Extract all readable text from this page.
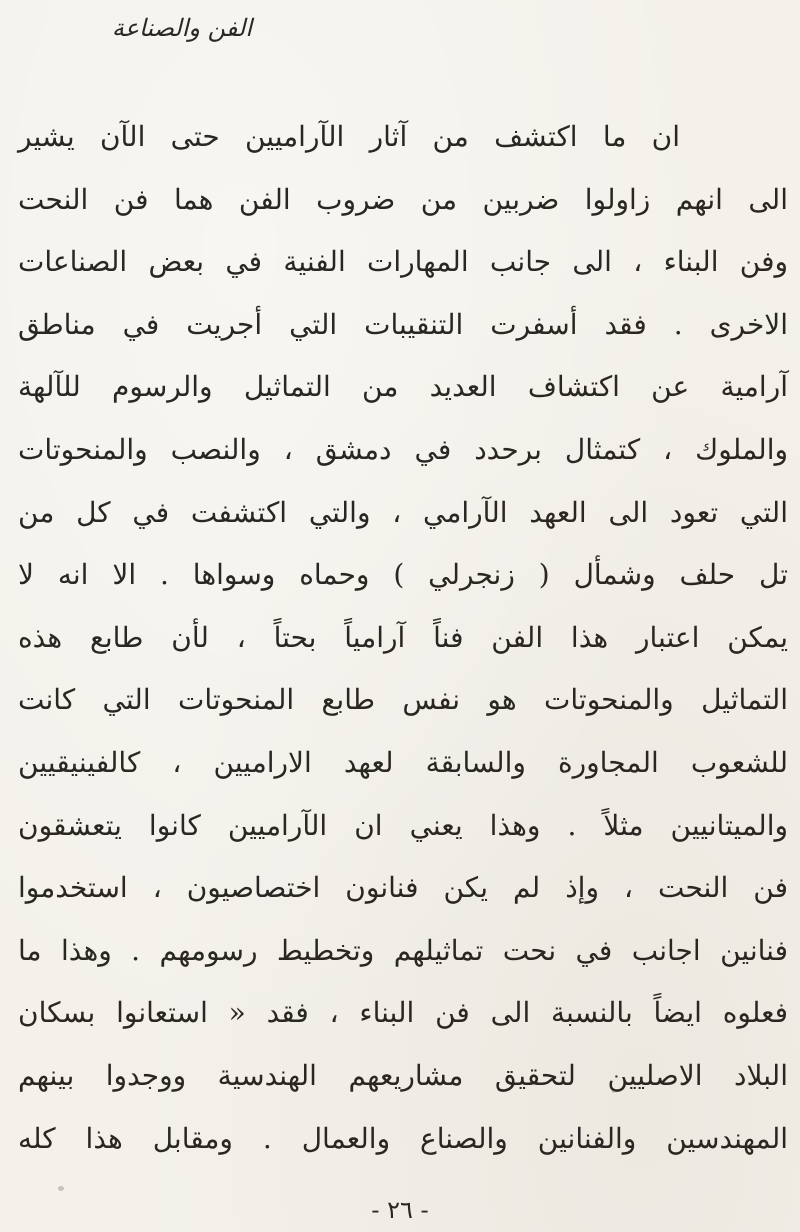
الفن والصناعة
ان ما اكتشف من آثار الآراميين حتى الآن يشير
الى انهم زاولوا ضربين من ضروب الفن هما فن النحت
وفن البناء ، الى جانب المهارات الفنية في بعض الصناعات
الاخرى . فقد أسفرت التنقيبات التي أجريت في مناطق
آرامية عن اكتشاف العديد من التماثيل والرسوم للآلهة
والملوك ، كتمثال برحدد في دمشق ، والنصب والمنحوتات
التي تعود الى العهد الآرامي ، والتي اكتشفت في كل من
تل حلف وشمأل ( زنجرلي ) وحماه وسواها . الا انه لا
يمكن اعتبار هذا الفن فناً آرامياً بحتاً ، لأن طابع هذه
التماثيل والمنحوتات هو نفس طابع المنحوتات التي كانت
للشعوب المجاورة والسابقة لعهد الاراميين ، كالفينيقيين
والميتانيين مثلاً . وهذا يعني ان الآراميين كانوا يتعشقون
فن النحت ، وإذ لم يكن فنانون اختصاصيون ، استخدموا
فنانين اجانب في نحت تماثيلهم وتخطيط رسومهم . وهذا ما
فعلوه ايضاً بالنسبة الى فن البناء ، فقد « استعانوا بسكان
البلاد الاصليين لتحقيق مشاريعهم الهندسية ووجدوا بينهم
المهندسين والفنانين والصناع والعمال . ومقابل هذا كله
- ٢٦ -
